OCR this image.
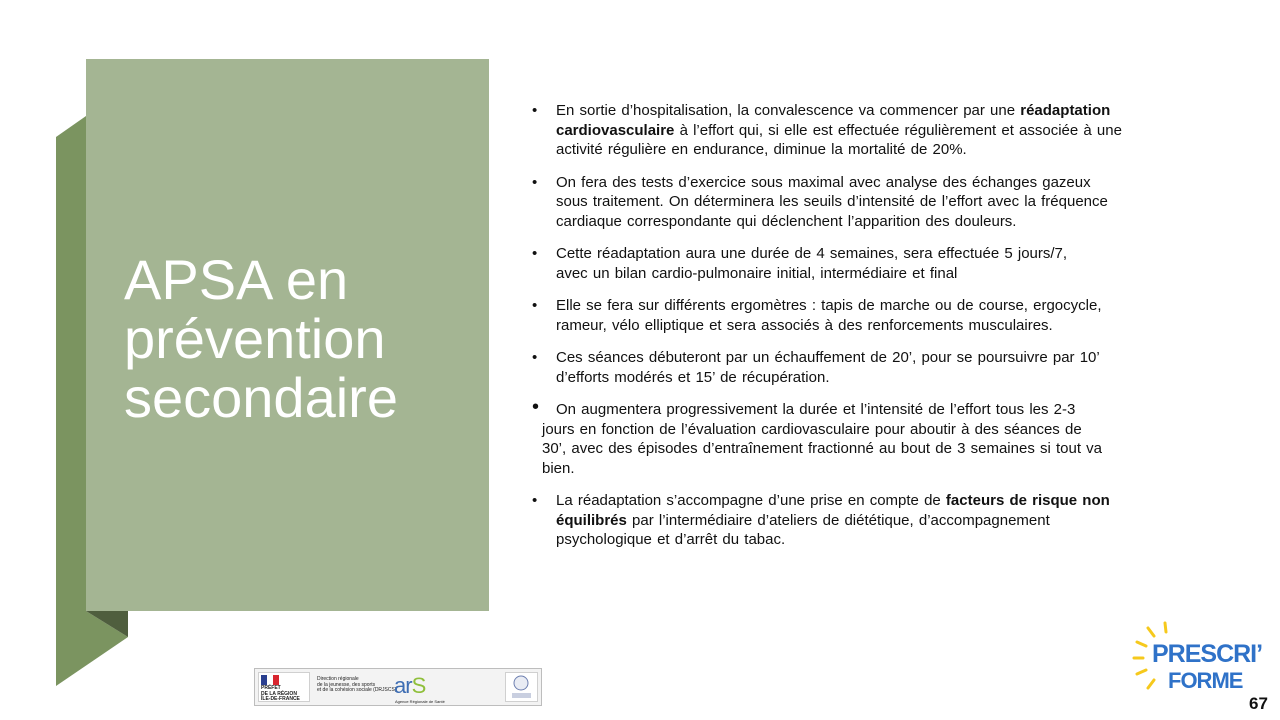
APSA en
prévention
secondaire
• En sortie d’hospitalisation, la convalescence va commencer par une réadaptation
cardiovasculaire à l’effort qui, si elle est effectuée régulièrement et associée à une
activité régulière en endurance, diminue la mortalité de 20%.
• On fera des tests d’exercice sous maximal avec analyse des échanges gazeux
sous traitement. On déterminera les seuils d’intensité de l’effort avec la fréquence
cardiaque correspondante qui déclenchent l’apparition des douleurs.
• Cette réadaptation aura une durée de 4 semaines, sera effectuée 5 jours/7,
avec un bilan cardio-pulmonaire initial, intermédiaire et final
• Elle se fera sur différents ergomètres : tapis de marche ou de course, ergocycle,
rameur, vélo elliptique et sera associés à des renforcements musculaires.
• Ces séances débuteront par un échauffement de 20’, pour se poursuivre par 10’
d’efforts modérés et 15’ de récupération.
• On augmentera progressivement la durée et l’intensité de l’effort tous les 2-3
jours en fonction de l’évaluation cardiovasculaire pour aboutir à des séances de
30’, avec des épisodes d’entraînement fractionné au bout de 3 semaines si tout va
bien.
• La réadaptation s’accompagne d’une prise en compte de facteurs de risque non
équilibrés par l’intermédiaire d’ateliers de diététique, d’accompagnement
psychologique et d’arrêt du tabac.
PRÉFET
DE LA RÉGION
ÎLE-DE-FRANCE
Direction régionale
de la jeunesse, des sports
et de la cohésion sociale (DRJSCS)
arS
Agence Régionale de Santé
PRESCRI’
FORME
67
